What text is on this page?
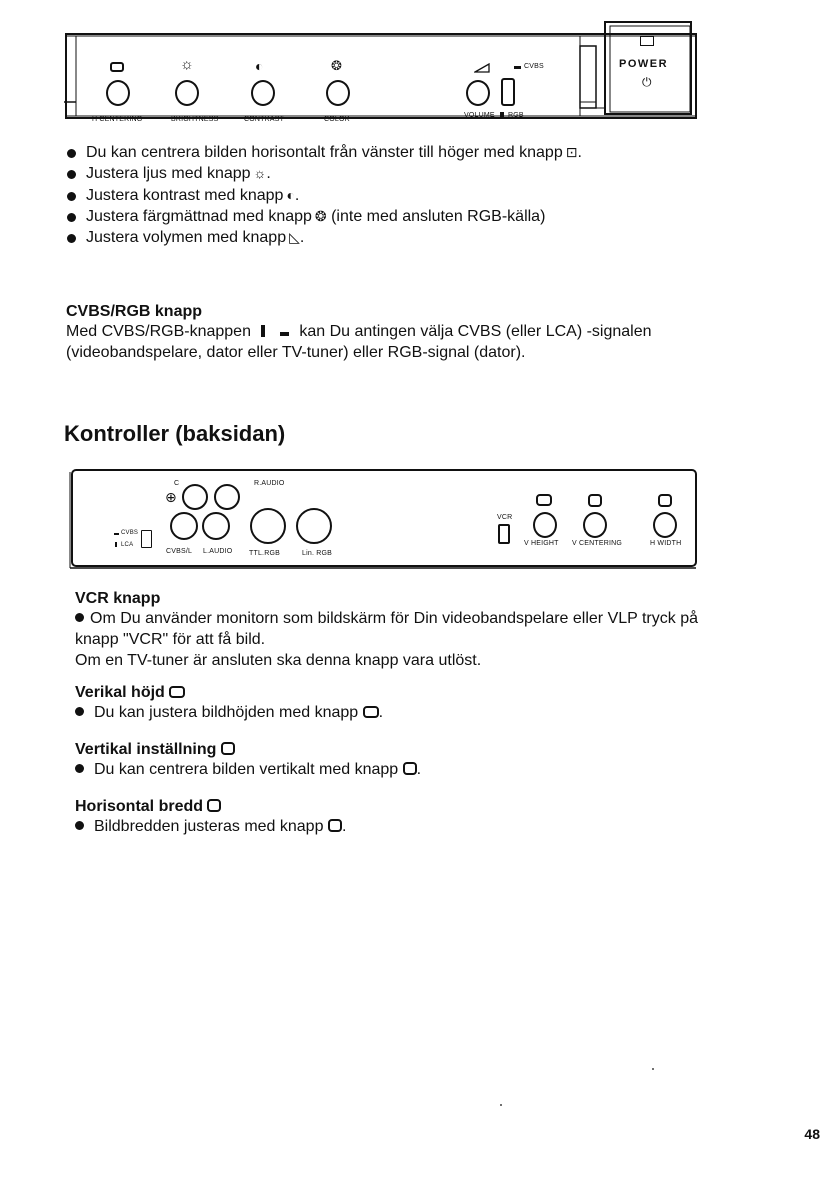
☼	◐	❂	CVBS
H CENTERING	BRIGHTNESS	CONTRAST	COLOR
VOLUME RGB
POWER
⏻
Du kan centrera bilden horisontalt från vänster till höger med knapp ⊡.
Justera ljus med knapp ☼.
Justera kontrast med knapp ◐.
Justera färgmättnad med knapp ❂ (inte med ansluten RGB-källa)
Justera volymen med knapp ◺.
CVBS/RGB knapp
Med CVBS/RGB-knappen	kan Du antingen välja CVBS (eller LCA) -signalen
(videobandspelare, dator eller TV-tuner) eller RGB-signal (dator).
Kontroller (baksidan)
C	R.AUDIO
⊕
CVBS
LCA
CVBS/L L.AUDIO TTL.RGB	Lin. RGB
VCR
V HEIGHT V CENTERING	H WIDTH
VCR knapp
Om Du använder monitorn som bildskärm för Din videobandspelare eller VLP tryck på
knapp "VCR" för att få bild.
Om en TV-tuner är ansluten ska denna knapp vara utlöst.
Verikal höjd
Du kan justera bildhöjden med knapp .
Vertikal inställning
Du kan centrera bilden vertikalt med knapp .
Horisontal bredd
Bildbredden justeras med knapp .
48
